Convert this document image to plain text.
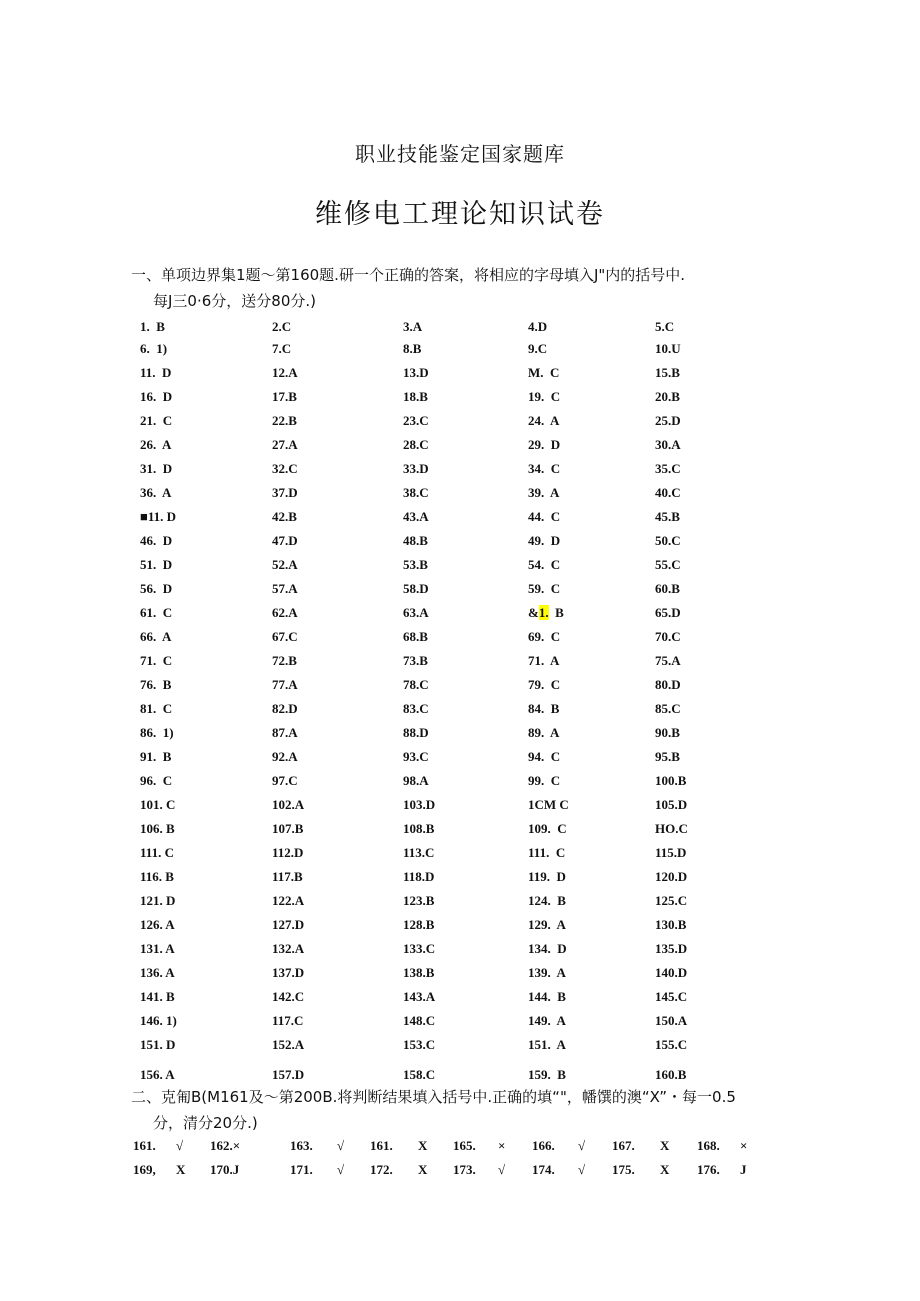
职业技能鉴定国家题库
维修电工理论知识试卷
一、单项边界集1题〜第160题.研一个正确的答案，将相应的字母填入J"内的括号中.
每J三0·6分，送分80分.)
1.  B	2.C	3.A	4.D	5.C
6.  1)	7.C	8.B	9.C	10.U
11.  D	12.A	13.D	M.  C	15.B
16.  D	17.B	18.B	19.  C	20.B
21.  C	22.B	23.C	24.  A	25.D
26.  A	27.A	28.C	29.  D	30.A
31.  D	32.C	33.D	34.  C	35.C
36.  A	37.D	38.C	39.  A	40.C
■11. D	42.B	43.A	44.  C	45.B
46.  D	47.D	48.B	49.  D	50.C
51.  D	52.A	53.B	54.  C	55.C
56.  D	57.A	58.D	59.  C	60.B
61.  C	62.A	63.A	&1.  B	65.D
66.  A	67.C	68.B	69.  C	70.C
71.  C	72.B	73.B	71.  A	75.A
76.  B	77.A	78.C	79.  C	80.D
81.  C	82.D	83.C	84.  B	85.C
86.  1)	87.A	88.D	89.  A	90.B
91.  B	92.A	93.C	94.  C	95.B
96.  C	97.C	98.A	99.  C	100.B
101. C	102.A	103.D	1CM C	105.D
106. B	107.B	108.B	109.  C	HO.C
111. C	112.D	113.C	111.  C	115.D
116. B	117.B	118.D	119.  D	120.D
121. D	122.A	123.B	124.  B	125.C
126. A	127.D	128.B	129.  A	130.B
131. A	132.A	133.C	134.  D	135.D
136. A	137.D	138.B	139.  A	140.D
141. B	142.C	143.A	144.  B	145.C
146. 1)	117.C	148.C	149.  A	150.A
151. D	152.A	153.C	151.  A	155.C
156. A	157.D	158.C	159.  B	160.B
二、克匍B(M161及〜第200B.将判断结果填入括号中.正确的填“"，幡馔的澳“X”・每一0.5
分，清分20分.)
161. √ 162.×	163. √ 161. X 165. × 166. √ 167. X 168. ×
169, X 170.J	171. √ 172. X 173. √ 174. √ 175. X 176. J
